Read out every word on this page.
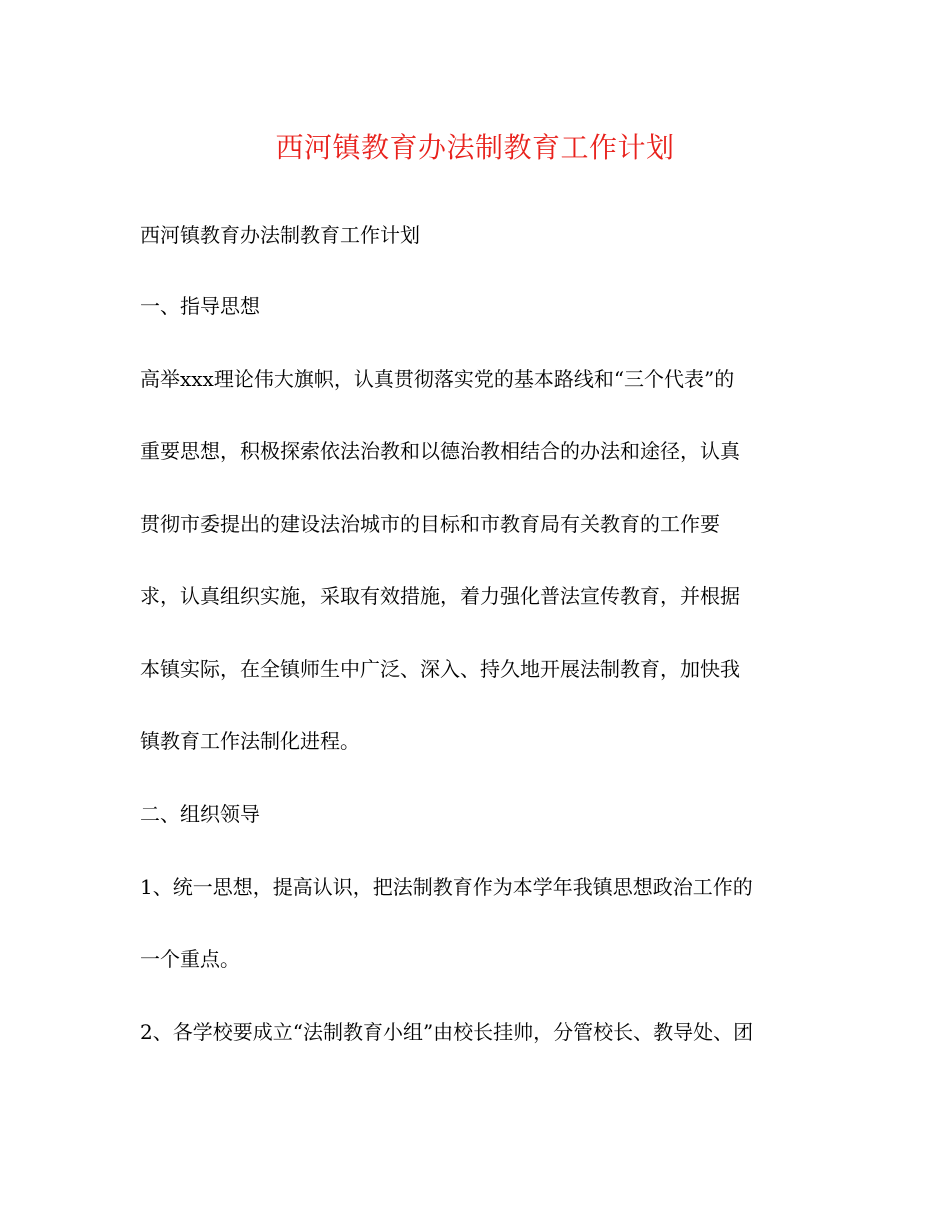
西河镇教育办法制教育工作计划
西河镇教育办法制教育工作计划
一、指导思想
高举xxx理论伟大旗帜，认真贯彻落实党的基本路线和“三个代表”的
重要思想，积极探索依法治教和以德治教相结合的办法和途径，认真
贯彻市委提出的建设法治城市的目标和市教育局有关教育的工作要
求，认真组织实施，采取有效措施，着力强化普法宣传教育，并根据
本镇实际，在全镇师生中广泛、深入、持久地开展法制教育，加快我
镇教育工作法制化进程。
二、组织领导
1、统一思想，提高认识，把法制教育作为本学年我镇思想政治工作的
一个重点。
2、各学校要成立“法制教育小组”由校长挂帅，分管校长、教导处、团
